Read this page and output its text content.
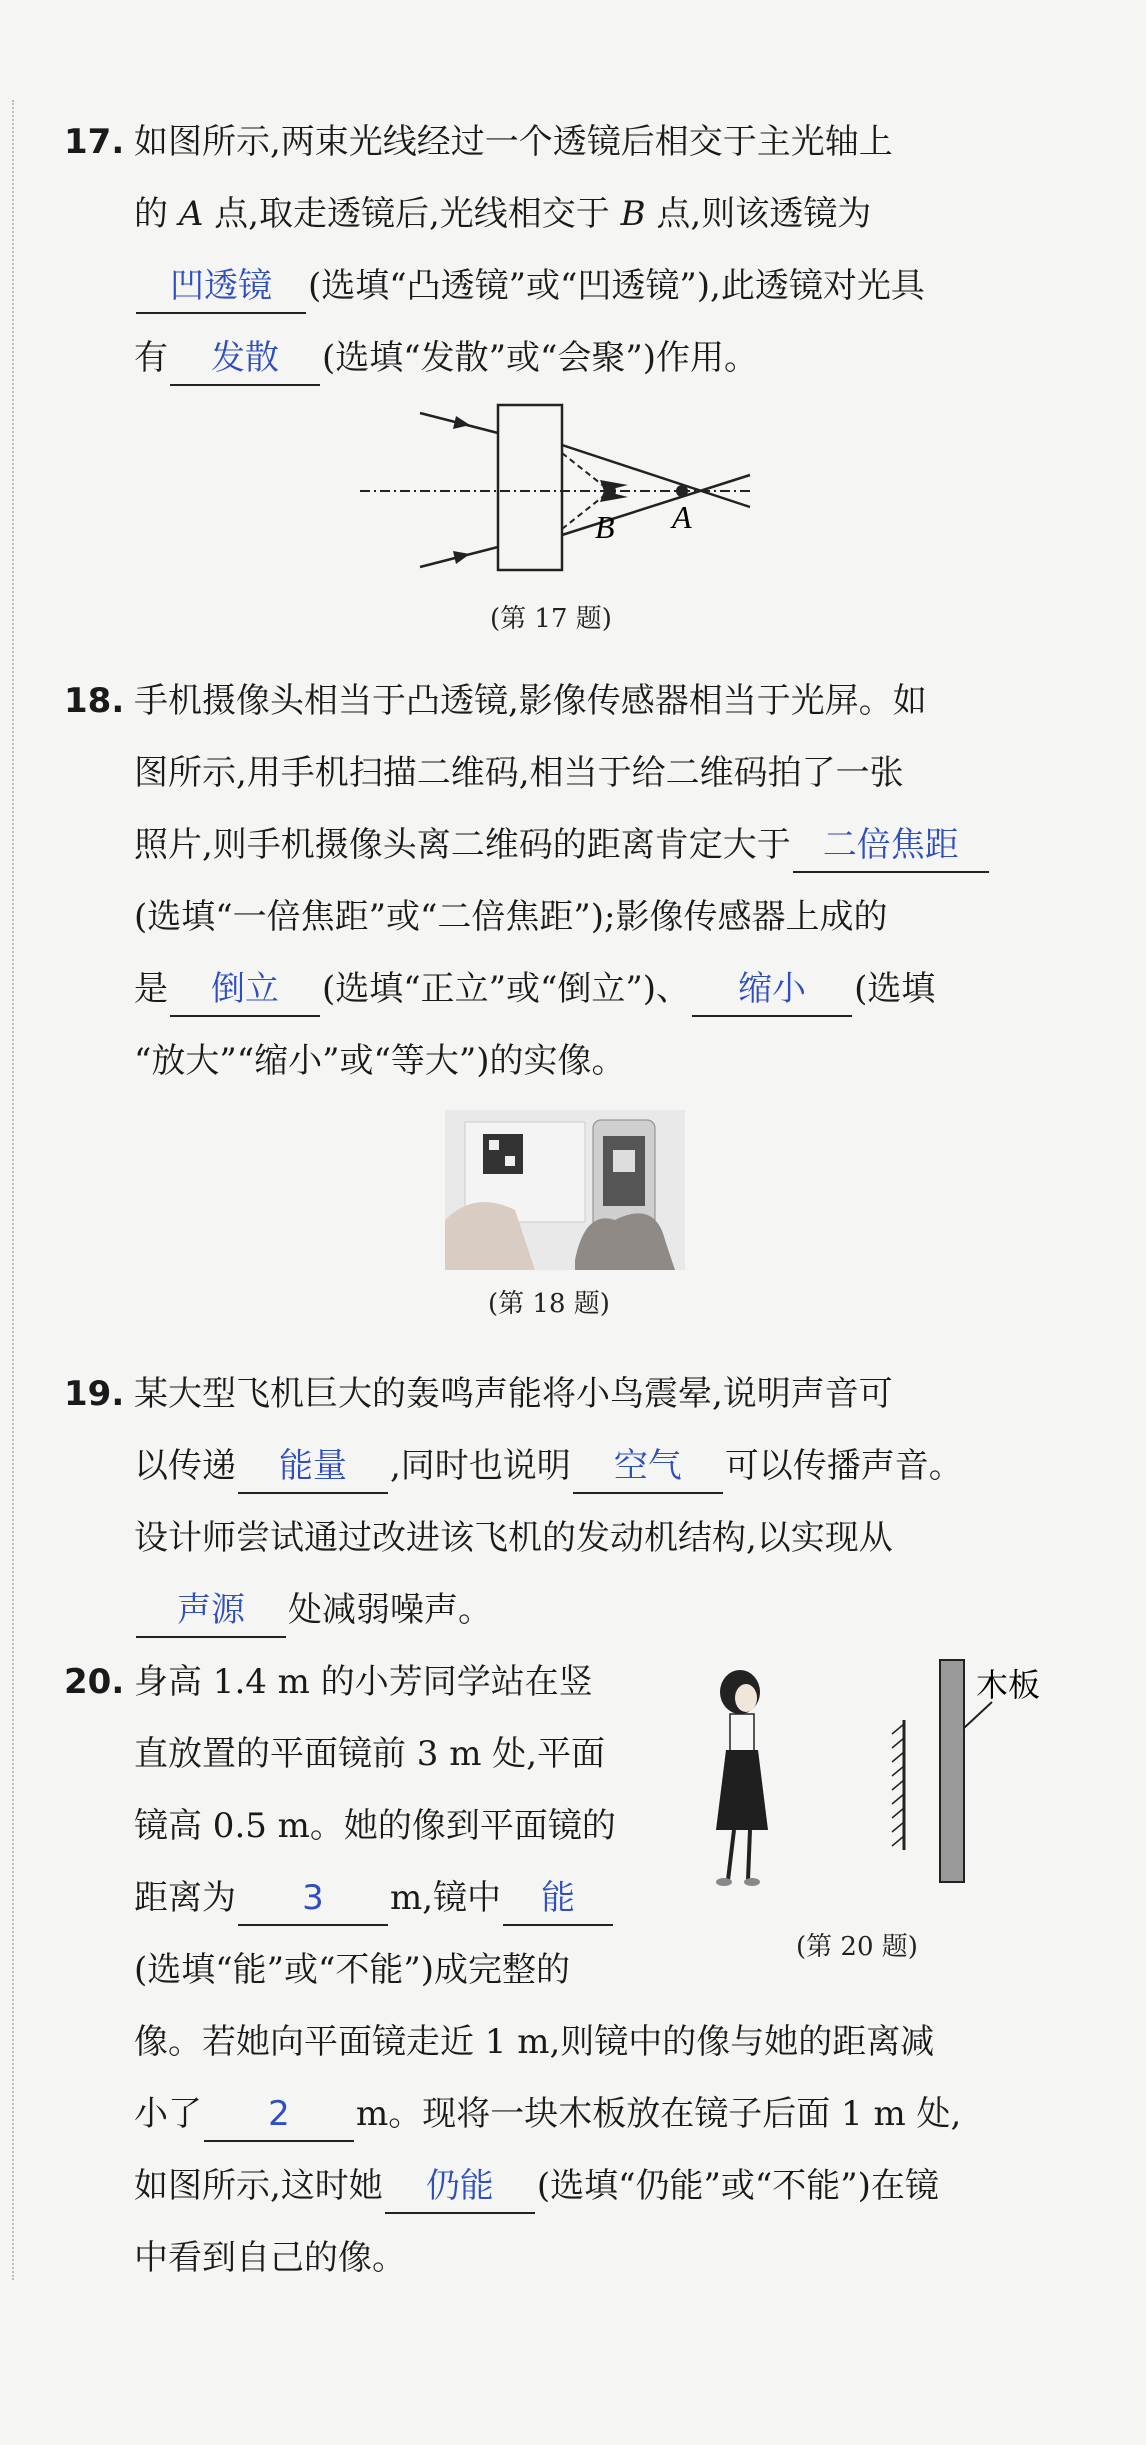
17. 如图所示,两束光线经过一个透镜后相交于主光轴上
的 A 点,取走透镜后,光线相交于 B 点,则该透镜为
凹透镜 (选填“凸透镜”或“凹透镜”),此透镜对光具
有 发散 (选填“发散”或“会聚”)作用。
B A
(第 17 题)
18. 手机摄像头相当于凸透镜,影像传感器相当于光屏。如
图所示,用手机扫描二维码,相当于给二维码拍了一张
照片,则手机摄像头离二维码的距离肯定大于 二倍焦距
(选填“一倍焦距”或“二倍焦距”);影像传感器上成的
是 倒立 (选填“正立”或“倒立”)、 缩小 (选填
“放大”“缩小”或“等大”)的实像。
(第 18 题)
19. 某大型飞机巨大的轰鸣声能将小鸟震晕,说明声音可
以传递 能量 ,同时也说明 空气 可以传播声音。
设计师尝试通过改进该飞机的发动机结构,以实现从
声源 处减弱噪声。
20. 身高 1.4 m 的小芳同学站在竖
直放置的平面镜前 3 m 处,平面
镜高 0.5 m。她的像到平面镜的
距离为 3 m,镜中 能
(选填“能”或“不能”)成完整的
像。若她向平面镜走近 1 m,则镜中的像与她的距离减
小了 2 m。现将一块木板放在镜子后面 1 m 处,
如图所示,这时她 仍能 (选填“仍能”或“不能”)在镜
中看到自己的像。
木板
(第 20 题)
